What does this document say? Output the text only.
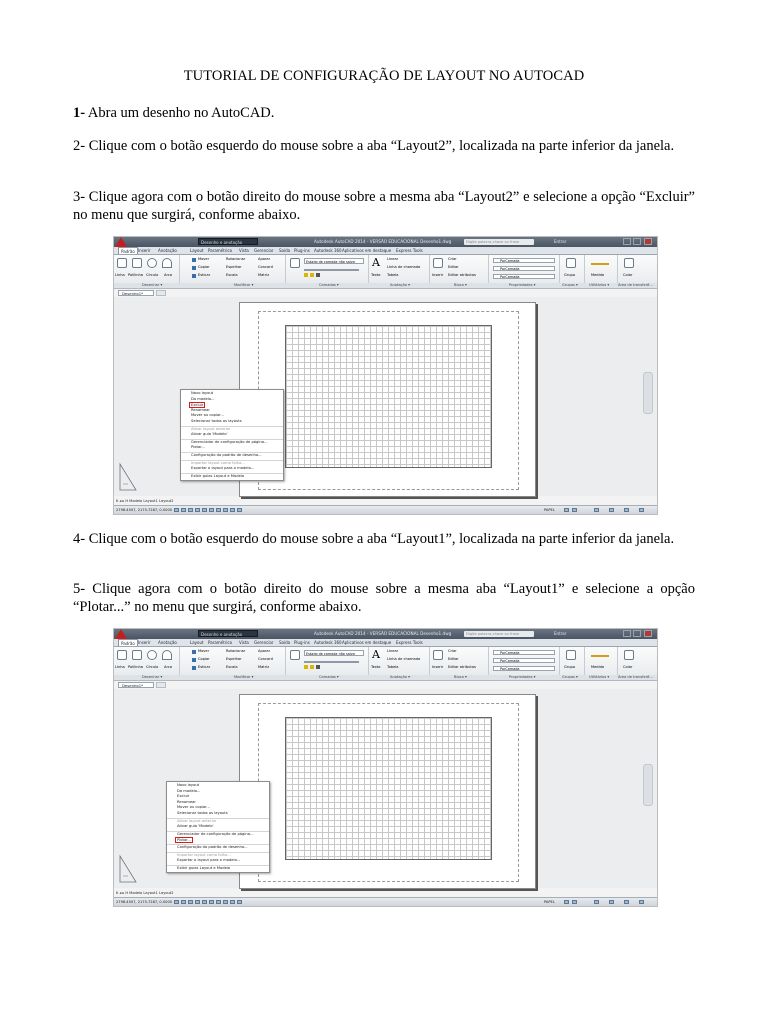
TUTORIAL DE CONFIGURAÇÃO DE LAYOUT NO AUTOCAD
1- Abra um desenho no AutoCAD.
2- Clique com o botão esquerdo do mouse sobre a aba “Layout2”, localizada na parte inferior da janela.
3- Clique agora com o botão direito do mouse sobre a mesma aba “Layout2” e selecione a opção “Excluir” no menu que surgirá, conforme abaixo.
Desenho e anotação	Autodesk AutoCAD 2014 - VERSÃO EDUCACIONAL Desenho1.dwg	Digite palavra-chave ou frase	Entrar
Padrão Inserir Anotação	Layout Paramétrico Vista Gerenciar Saída Plug-ins Autodesk 360 Aplicativos em destaque Express Tools
Linha Polilinha Círculo Arco
Mover
Copiar
Esticar
Rotacionar
Espelhar
Escala
Aparar
Concord
Matriz
Estado de camada não salvo	A
Texto
Linear
Linha de chamada
Tabela	Inserir
Criar
Editar
Editar atributos
PorCamada
PorCamada
PorCamada	Grupo	Medida	Colar
Desenhar ▾	Modificar ▾	Camadas ▾	Anotação ▾	Bloco ▾	Propriedades ▾	Grupos ▾	Utilitários ▾ Área de transferê...
Desenho1*
Novo layout
Do modelo...
Excluir
Renomear
Mover ou copiar...
Selecionar todos os layouts
Ativar layout anterior
Ativar guia 'Modelo'
Gerenciador de configuração de página...
Plotar...
Configuração do padrão de desenho...
Importar layout como folha...
Exportar o layout para o modelo...
Exibir guias Layout e Modelo
K ◂ ▸ H Modelo Layout1 Layout2
2798.4507, 2175.7287, 0.0000	PAPEL
4- Clique com o botão esquerdo do mouse sobre a aba “Layout1”, localizada na parte inferior da janela.
5- Clique agora com o botão direito do mouse sobre a mesma aba “Layout1” e selecione a opção “Plotar...” no menu que surgirá, conforme abaixo.
Desenho e anotação	Autodesk AutoCAD 2014 - VERSÃO EDUCACIONAL Desenho1.dwg	Digite palavra-chave ou frase	Entrar
Padrão Inserir Anotação	Layout Paramétrico Vista Gerenciar Saída Plug-ins Autodesk 360 Aplicativos em destaque Express Tools
Linha Polilinha Círculo Arco
Mover
Copiar
Esticar
Rotacionar
Espelhar
Escala
Aparar
Concord
Matriz
Estado de camada não salvo	A
Texto
Linear
Linha de chamada
Tabela	Inserir
Criar
Editar
Editar atributos
PorCamada
PorCamada
PorCamada	Grupo	Medida	Colar
Desenhar ▾	Modificar ▾	Camadas ▾	Anotação ▾	Bloco ▾	Propriedades ▾	Grupos ▾	Utilitários ▾ Área de transferê...
Desenho1*
Novo layout
Do modelo...
Excluir
Renomear
Mover ou copiar...
Selecionar todos os layouts
Ativar layout anterior
Ativar guia 'Modelo'
Gerenciador de configuração de página...
Plotar...
Configuração do padrão de desenho...
Importar layout como folha...
Exportar o layout para o modelo...
Exibir guias Layout e Modelo
K ◂ ▸ H Modelo Layout1 Layout2
2798.4507, 2175.7287, 0.0000	PAPEL
